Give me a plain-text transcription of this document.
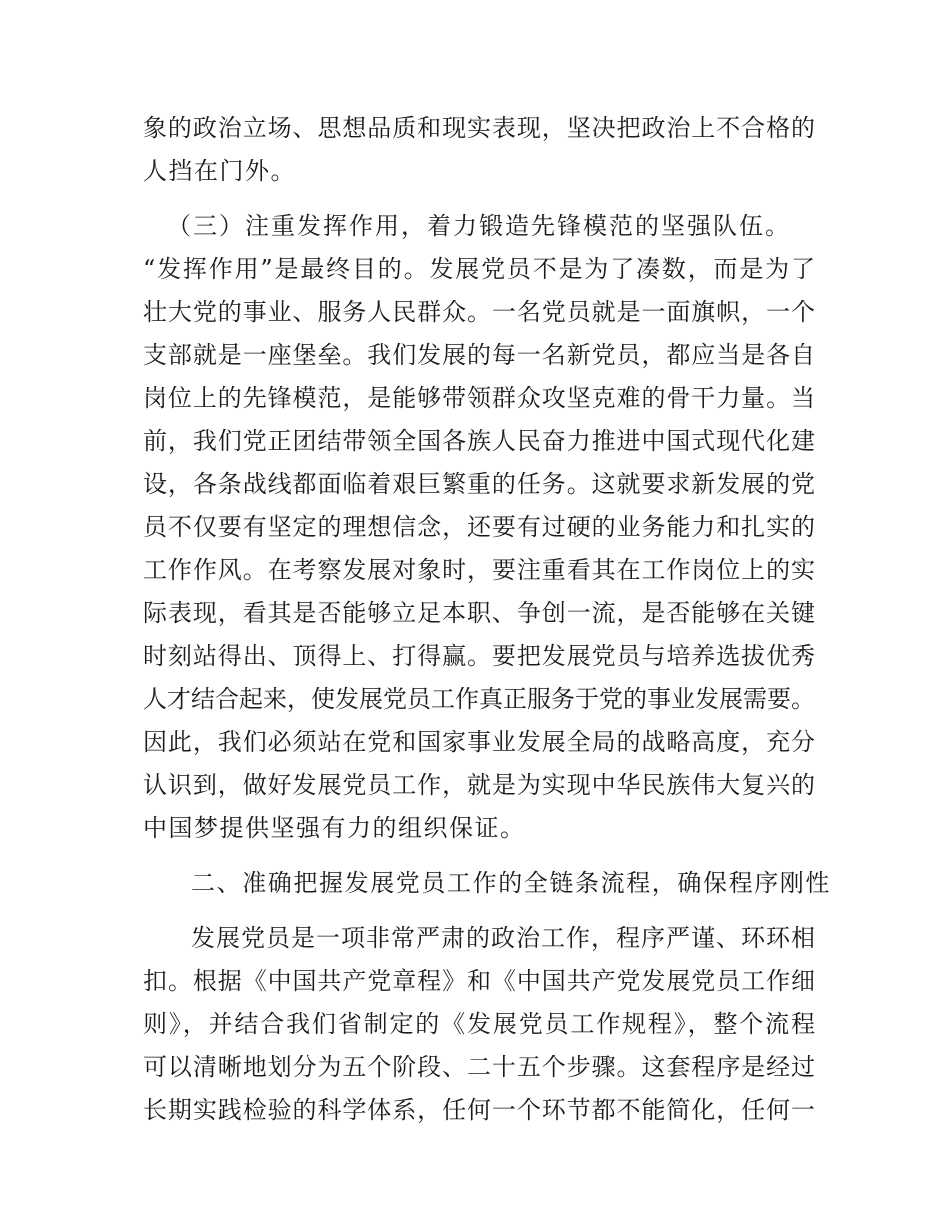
象的政治立场、思想品质和现实表现，坚决把政治上不合格的
人挡在门外。
（三）注重发挥作用，着力锻造先锋模范的坚强队伍。
“发挥作用”是最终目的。发展党员不是为了凑数，而是为了
壮大党的事业、服务人民群众。一名党员就是一面旗帜，一个
支部就是一座堡垒。我们发展的每一名新党员，都应当是各自
岗位上的先锋模范，是能够带领群众攻坚克难的骨干力量。当
前，我们党正团结带领全国各族人民奋力推进中国式现代化建
设，各条战线都面临着艰巨繁重的任务。这就要求新发展的党
员不仅要有坚定的理想信念，还要有过硬的业务能力和扎实的
工作作风。在考察发展对象时，要注重看其在工作岗位上的实
际表现，看其是否能够立足本职、争创一流，是否能够在关键
时刻站得出、顶得上、打得赢。要把发展党员与培养选拔优秀
人才结合起来，使发展党员工作真正服务于党的事业发展需要。
因此，我们必须站在党和国家事业发展全局的战略高度，充分
认识到，做好发展党员工作，就是为实现中华民族伟大复兴的
中国梦提供坚强有力的组织保证。
二、准确把握发展党员工作的全链条流程，确保程序刚性
发展党员是一项非常严肃的政治工作，程序严谨、环环相
扣。根据《中国共产党章程》和《中国共产党发展党员工作细
则》，并结合我们省制定的《发展党员工作规程》，整个流程
可以清晰地划分为五个阶段、二十五个步骤。这套程序是经过
长期实践检验的科学体系，任何一个环节都不能简化，任何一
